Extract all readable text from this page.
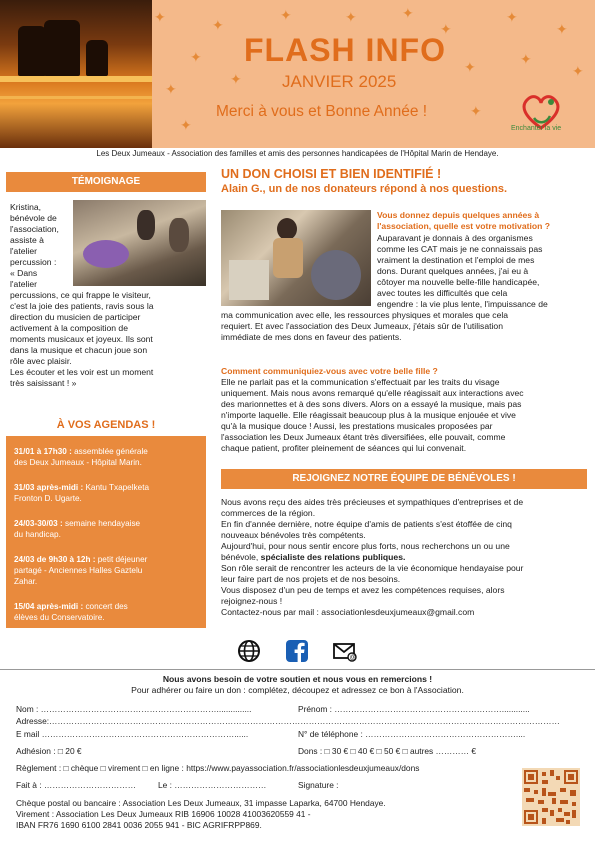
✦	✦
✦	✦	✦
✦
✦
✦
✦
✦
✦
✦	✦
✦
✦
✦
FLASH INFO
JANVIER 2025
Merci à vous et Bonne Année !
Enchanter la vie
Les Deux Jumeaux - Association des familles et amis des personnes handicapées de l'Hôpital Marin de Hendaye.
TÉMOIGNAGE
Kristina,
bénévole de
l'association,
assiste à
l'atelier
percussion :
« Dans
l'atelier
percussions, ce qui frappe le visiteur,
c'est la joie des patients, ravis sous la
direction du musicien de participer
activement à la composition de
moments musicaux et joyeux. Ils sont
dans la musique et chacun joue son
rôle avec plaisir.
Les écouter et les voir est un moment
très saisissant ! »
À VOS AGENDAS !
31/01 à 17h30 : assemblée générale
des Deux Jumeaux - Hôpital Marin.
31/03 après-midi : Kantu Txapelketa
Fronton D. Ugarte.
24/03-30/03 : semaine hendayaise
du handicap.
24/03 de 9h30 à 12h : petit déjeuner
partagé - Anciennes Halles Gaztelu
Zahar.
15/04 après-midi : concert des
élèves du Conservatoire.
UN DON CHOISI ET BIEN IDENTIFIÉ !
Alain G., un de nos donateurs répond à nos questions.
Vous donnez depuis quelques années à
l'association, quelle est votre motivation ?
Auparavant je donnais à des organismes
comme les CAT mais je ne connaissais pas
vraiment la destination et l'emploi de mes
dons. Durant quelques années, j'ai eu à
côtoyer ma nouvelle belle-fille handicapée,
avec toutes les difficultés que cela
engendre : la vie plus lente, l'impuissance de
ma communication avec elle, les ressources physiques et morales que cela
requiert. Et avec l'association des Deux Jumeaux, j'étais sûr de l'utilisation
immédiate de mes dons en faveur des patients.
Comment communiquiez-vous avec votre belle fille ?
Elle ne parlait pas et la communication s'effectuait par les traits du visage
uniquement. Mais nous avons remarqué qu'elle réagissait aux interactions avec
des marionnettes et à des sons divers. Alors on a essayé la musique, mais pas
n'importe laquelle. Elle réagissait beaucoup plus à la musique enjouée et vive
qu'à la musique douce ! Aussi, les prestations musicales proposées par
l'association les Deux Jumeaux étant très diversifiées, elle pouvait, comme
chaque patient, profiter pleinement de séances qui lui convenait.
REJOIGNEZ NOTRE ÉQUIPE DE BÉNÉVOLES !
Nous avons reçu des aides très précieuses et sympathiques d'entreprises et de
commerces de la région.
En fin d'année dernière, notre équipe d'amis de patients s'est étoffée de cinq
nouveaux bénévoles très compétents.
Aujourd'hui, pour nous sentir encore plus forts, nous recherchons un ou une
bénévole, spécialiste des relations publiques.
Son rôle serait de rencontrer les acteurs de la vie économique hendayaise pour
leur faire part de nos projets et de nos besoins.
Vous disposez d'un peu de temps et avez les compétences requises, alors
rejoignez-nous !
Contactez-nous par mail : associationlesdeuxjumeaux@gmail.com
@
Nous avons besoin de votre soutien et nous vous en remercions !
Pour adhérer ou faire un don : complétez, découpez et adressez ce bon à l'Association.
Nom : ………………………………………………………...............	Prénom : ……………………………………………………............
Adresse:…………………………………………………………………………………………………………………………………………………………………
E mail ……………………………………………………………......	N° de téléphone : ………………………………………………....
Adhésion : □ 20 €	Dons : □ 30 € □ 40 € □ 50 € □ autres ………… €
Règlement : □ chèque □ virement □ en ligne : https://www.payassociation.fr/associationlesdeuxjumeaux/dons
Fait à : ……………………………	Le : ……………………………	Signature :
Chèque postal ou bancaire : Association Les Deux Jumeaux, 31 impasse Laparka, 64700 Hendaye.
Virement : Association Les Deux Jumeaux RIB 16906 10028 41003620559 41 -
IBAN FR76 1690 6100 2841 0036 2055 941 - BIC AGRIFRPP869.
